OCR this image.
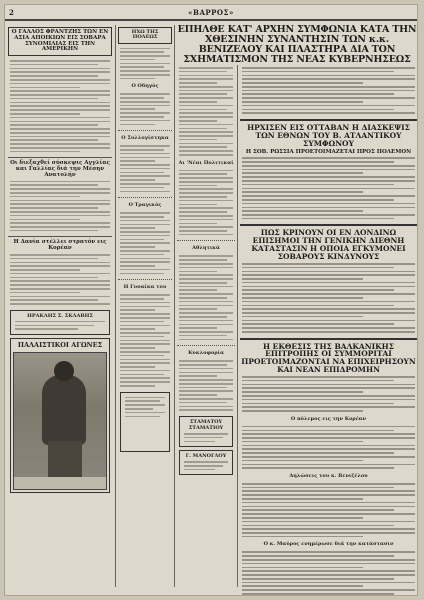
2	«ΒΑΡΡΟΣ»
Ο ΓΑΛΛΟΣ ΦΡΑΝΤΖΗΣ ΤΩΝ ΕΝ ΑΣΙΑ ΑΠΟΙΚΙΩΝ ΕΙΣ ΣΟΒΑΡΑ ΣΥΝΟΜΙΛΙΑΣ ΕΙΣ ΤΗΝ ΑΜΕΡΙΚΗΝ
Οι διεξαχθεί σύσκεψις Αγγλίας και Γαλλίας διά την Μέσην Ανατολήν
Η Δανία στέλλει στρατόν εις Κορέαν
ΗΡΑΚΛΗΣ Σ. ΣΚΛΑΒΗΣ
ΠΑΛΑΙΣΤΙΚΟΙ ΑΓΩΝΕΣ
ΗΧΩ ΤΗΣ ΠΟΛΕΩΣ
Ο Οδηγός
Ο Συλλογίστηκα
Ο Τραγικός
Η Γυναίκα του
ΕΠΗΛΘΕ ΚΑΤ' ΑΡΧΗΝ ΣΥΜΦΩΝΙΑ ΚΑΤΑ ΤΗΝ ΧΘΕΣΙΝΗΝ ΣΥΝΑΝΤΗΣΙΝ ΤΩΝ κ.κ. ΒΕΝΙΖΕΛΟΥ ΚΑΙ ΠΛΑΣΤΗΡΑ ΔΙΑ ΤΟΝ ΣΧΗΜΑΤΙΣΜΟΝ ΤΗΣ ΝΕΑΣ ΚΥΒΕΡΝΗΣΕΩΣ
Αι 'Νέαι Πολιτικαί
Αθλητικά
Κυκλοφορία
ΣΤΑΜΑΤΟΥ ΣΤΑΜΑΤΙΟΥ
Γ. ΜΑΝΟΓΛΟΥ
ΗΡΧΙΣΕΝ ΕΙΣ ΟΤΤΑΒΑΝ Η ΔΙΑΣΚΕΨΙΣ ΤΩΝ ΕΘΝΩΝ ΤΟΥ Β. ΑΤΛΑΝΤΙΚΟΥ ΣΥΜΦΩΝΟΥ
Η ΣΟΒ. ΡΩΣΣΙΑ ΠΡΟΕΤΟΙΜΑΖΕΤΑΙ ΠΡΟΣ ΠΟΛΕΜΟΝ
ΠΩΣ ΚΡΙΝΟΥΝ ΟΙ ΕΝ ΛΟΝΔΙΝΩ ΕΠΙΣΗΜΟΙ ΤΗΝ ΓΕΝΙΚΗΝ ΔΙΕΘΝΗ ΚΑΤΑΣΤΑΣΙΝ Η ΟΠΟΙΑ ΕΓΚΥΜΟΝΕΙ ΣΟΒΑΡΟΥΣ ΚΙΝΔΥΝΟΥΣ
Η ΕΚΘΕΣΙΣ ΤΗΣ ΒΑΛΚΑΝΙΚΗΣ ΕΠΙΤΡΟΠΗΣ ΟΙ ΣΥΜΜΟΡΙΤΑΙ ΠΡΟΕΤΟΙΜΑΖΟΝΤΑΙ ΝΑ ΕΠΙΧΕΙΡΗΣΟΥΝ ΚΑΙ ΝΕΑΝ ΕΠΙΔΡΟΜΗΝ
Ο πόλεμος εις την Κορέαν
Δηλώσεις του κ. Βενιζέλου
Ο κ. Μαύρος ενημέρωσε διά την κατάστασιν
